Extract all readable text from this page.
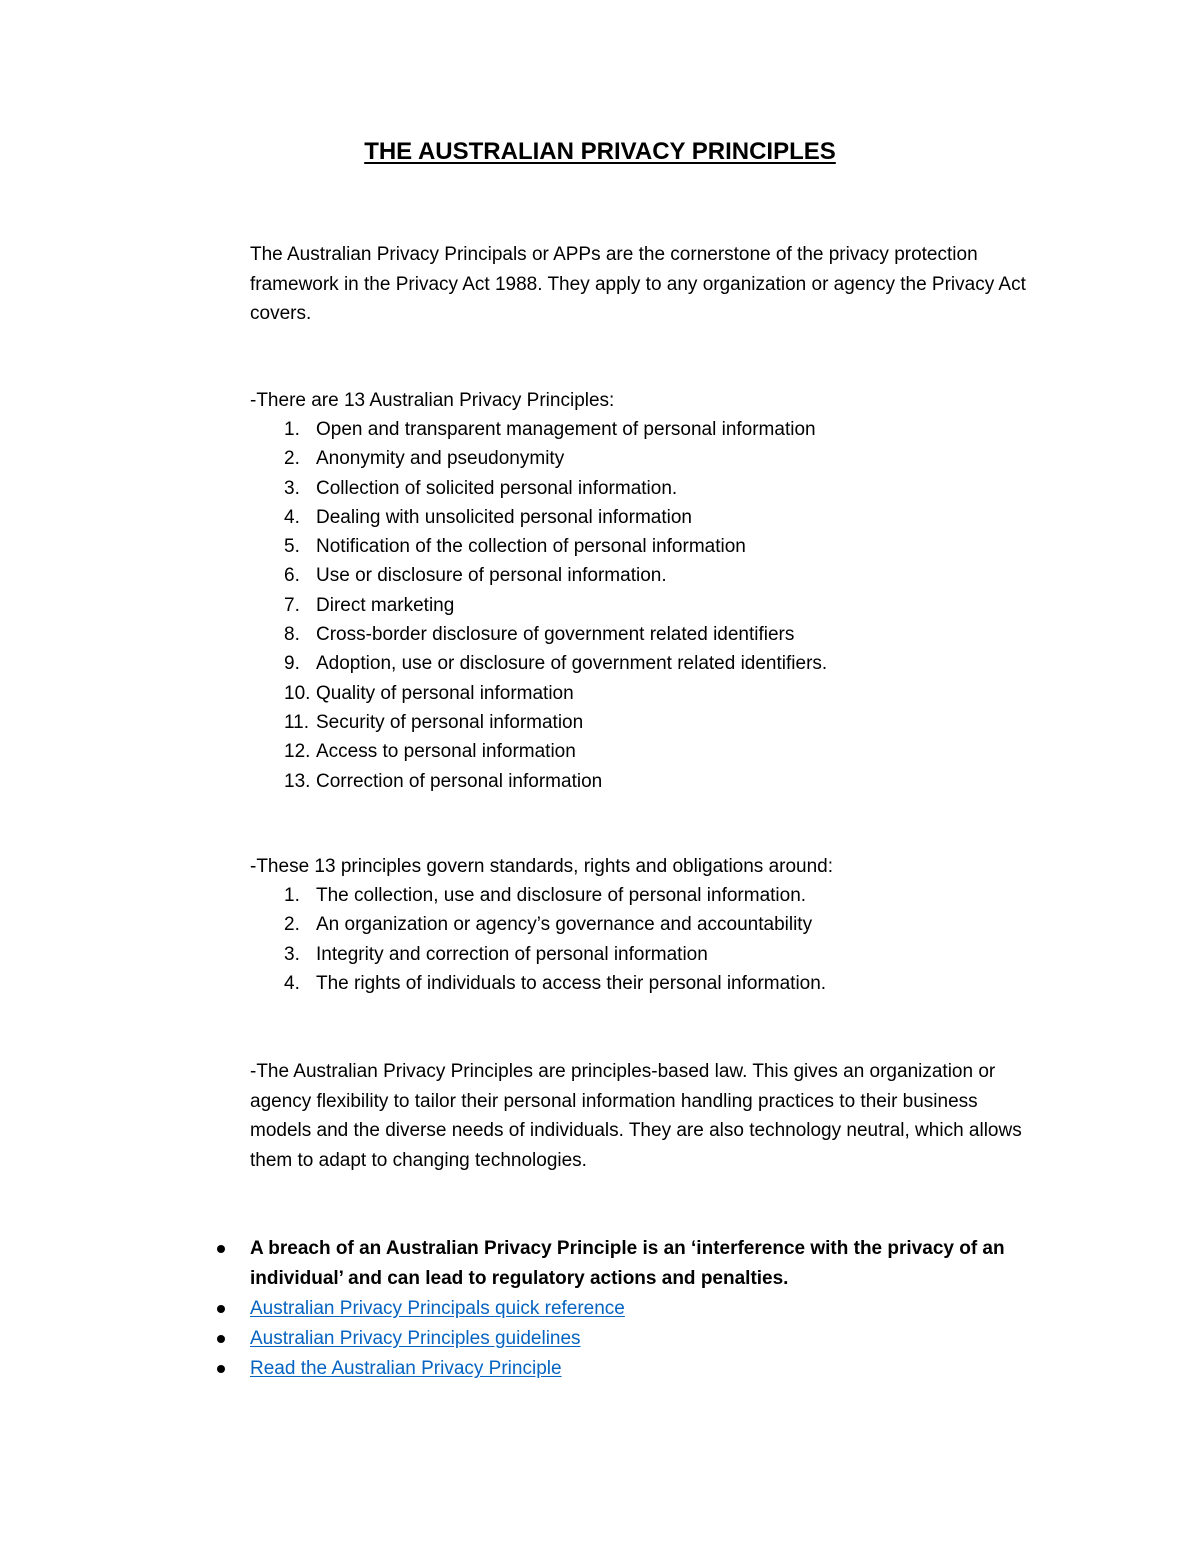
THE AUSTRALIAN PRIVACY PRINCIPLES
The Australian Privacy Principals or APPs are the cornerstone of the privacy protection framework in the Privacy Act 1988. They apply to any organization or agency the Privacy Act covers.
-There are 13 Australian Privacy Principles:
1. Open and transparent management of personal information
2. Anonymity and pseudonymity
3. Collection of solicited personal information.
4. Dealing with unsolicited personal information
5. Notification of the collection of personal information
6. Use or disclosure of personal information.
7. Direct marketing
8. Cross-border disclosure of government related identifiers
9. Adoption, use or disclosure of government related identifiers.
10. Quality of personal information
11. Security of personal information
12. Access to personal information
13. Correction of personal information
-These 13 principles govern standards, rights and obligations around:
1. The collection, use and disclosure of personal information.
2. An organization or agency’s governance and accountability
3. Integrity and correction of personal information
4. The rights of individuals to access their personal information.
-The Australian Privacy Principles are principles-based law. This gives an organization or agency flexibility to tailor their personal information handling practices to their business models and the diverse needs of individuals. They are also technology neutral, which allows them to adapt to changing technologies.
A breach of an Australian Privacy Principle is an ‘interference with the privacy of an individual’ and can lead to regulatory actions and penalties.
Australian Privacy Principals quick reference
Australian Privacy Principles guidelines
Read the Australian Privacy Principle
